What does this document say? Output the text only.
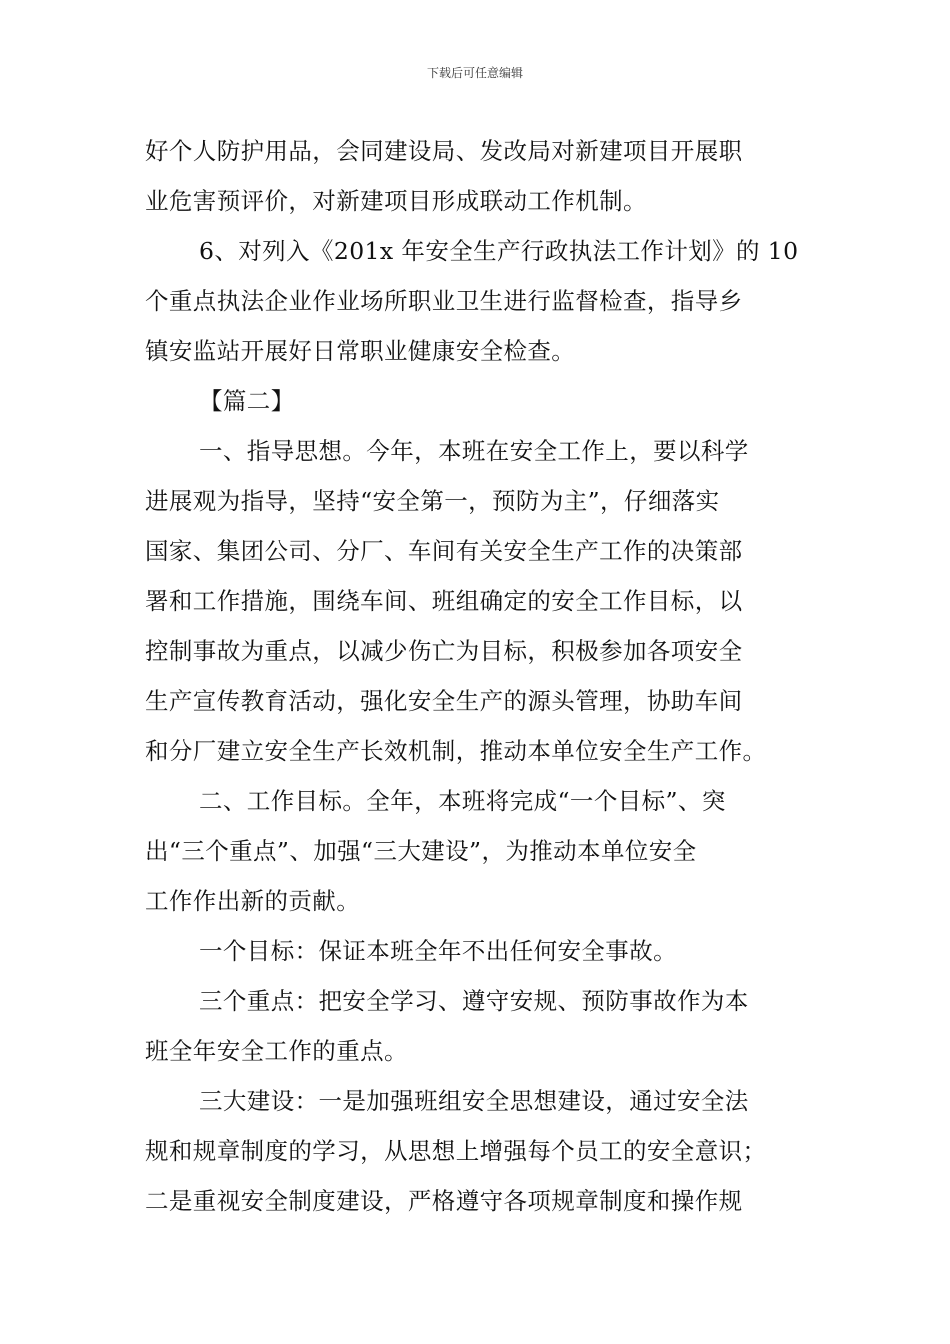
下载后可任意编辑
好个人防护用品，会同建设局、发改局对新建项目开展职
业危害预评价，对新建项目形成联动工作机制。
6、对列入《201x 年安全生产行政执法工作计划》的 10
个重点执法企业作业场所职业卫生进行监督检查，指导乡
镇安监站开展好日常职业健康安全检查。
【篇二】
一、指导思想。今年，本班在安全工作上，要以科学
进展观为指导，坚持“安全第一，预防为主”，仔细落实
国家、集团公司、分厂、车间有关安全生产工作的决策部
署和工作措施，围绕车间、班组确定的安全工作目标，以
控制事故为重点，以减少伤亡为目标，积极参加各项安全
生产宣传教育活动，强化安全生产的源头管理，协助车间
和分厂建立安全生产长效机制，推动本单位安全生产工作。
二、工作目标。全年，本班将完成“一个目标”、突
出“三个重点”、加强“三大建设”，为推动本单位安全
工作作出新的贡献。
一个目标：保证本班全年不出任何安全事故。
三个重点：把安全学习、遵守安规、预防事故作为本
班全年安全工作的重点。
三大建设：一是加强班组安全思想建设，通过安全法
规和规章制度的学习，从思想上增强每个员工的安全意识；
二是重视安全制度建设，严格遵守各项规章制度和操作规
